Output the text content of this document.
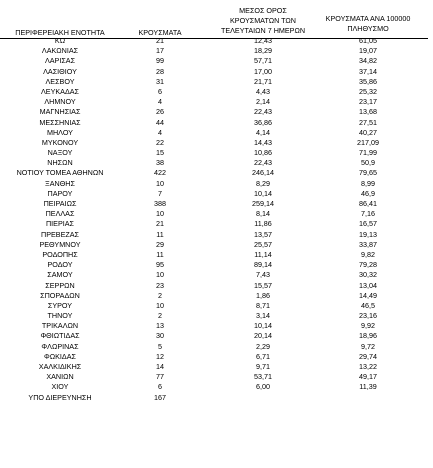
ΠΕΡΙΦΕΡΕΙΑΚΗ ΕΝΟΤΗΤΑ	ΚΡΟΥΣΜΑΤΑ
ΜΕΣΟΣ ΟΡΟΣ
ΚΡΟΥΣΜΑΤΩΝ ΤΩΝ
ΤΕΛΕΥΤΑΙΩΝ 7 ΗΜΕΡΩΝ
ΚΡΟΥΣΜΑΤΑ ΑΝΑ 100000
ΠΛΗΘΥΣΜΟ
ΚΩ	21	12,43	61,05
ΛΑΚΩΝΙΑΣ	17	18,29	19,07
ΛΑΡΙΣΑΣ	99	57,71	34,82
ΛΑΣΙΘΙΟΥ	28	17,00	37,14
ΛΕΣΒΟΥ	31	21,71	35,86
ΛΕΥΚΑΔΑΣ	6	4,43	25,32
ΛΗΜΝΟΥ	4	2,14	23,17
ΜΑΓΝΗΣΙΑΣ	26	22,43	13,68
ΜΕΣΣΗΝΙΑΣ	44	36,86	27,51
ΜΗΛΟΥ	4	4,14	40,27
ΜΥΚΟΝΟΥ	22	14,43	217,09
ΝΑΞΟΥ	15	10,86	71,99
ΝΗΣΩΝ	38	22,43	50,9
ΝΟΤΙΟΥ ΤΟΜΕΑ ΑΘΗΝΩΝ	422	246,14	79,65
ΞΑΝΘΗΣ	10	8,29	8,99
ΠΑΡΟΥ	7	10,14	46,9
ΠΕΙΡΑΙΩΣ	388	259,14	86,41
ΠΕΛΛΑΣ	10	8,14	7,16
ΠΙΕΡΙΑΣ	21	11,86	16,57
ΠΡΕΒΕΖΑΣ	11	13,57	19,13
ΡΕΘΥΜΝΟΥ	29	25,57	33,87
ΡΟΔΟΠΗΣ	11	11,14	9,82
ΡΟΔΟΥ	95	89,14	79,28
ΣΑΜΟΥ	10	7,43	30,32
ΣΕΡΡΩΝ	23	15,57	13,04
ΣΠΟΡΑΔΩΝ	2	1,86	14,49
ΣΥΡΟΥ	10	8,71	46,5
ΤΗΝΟΥ	2	3,14	23,16
ΤΡΙΚΑΛΩΝ	13	10,14	9,92
ΦΘΙΩΤΙΔΑΣ	30	20,14	18,96
ΦΛΩΡΙΝΑΣ	5	2,29	9,72
ΦΩΚΙΔΑΣ	12	6,71	29,74
ΧΑΛΚΙΔΙΚΗΣ	14	9,71	13,22
ΧΑΝΙΩΝ	77	53,71	49,17
ΧΙΟΥ	6	6,00	11,39
ΥΠΟ ΔΙΕΡΕΥΝΗΣΗ	167
